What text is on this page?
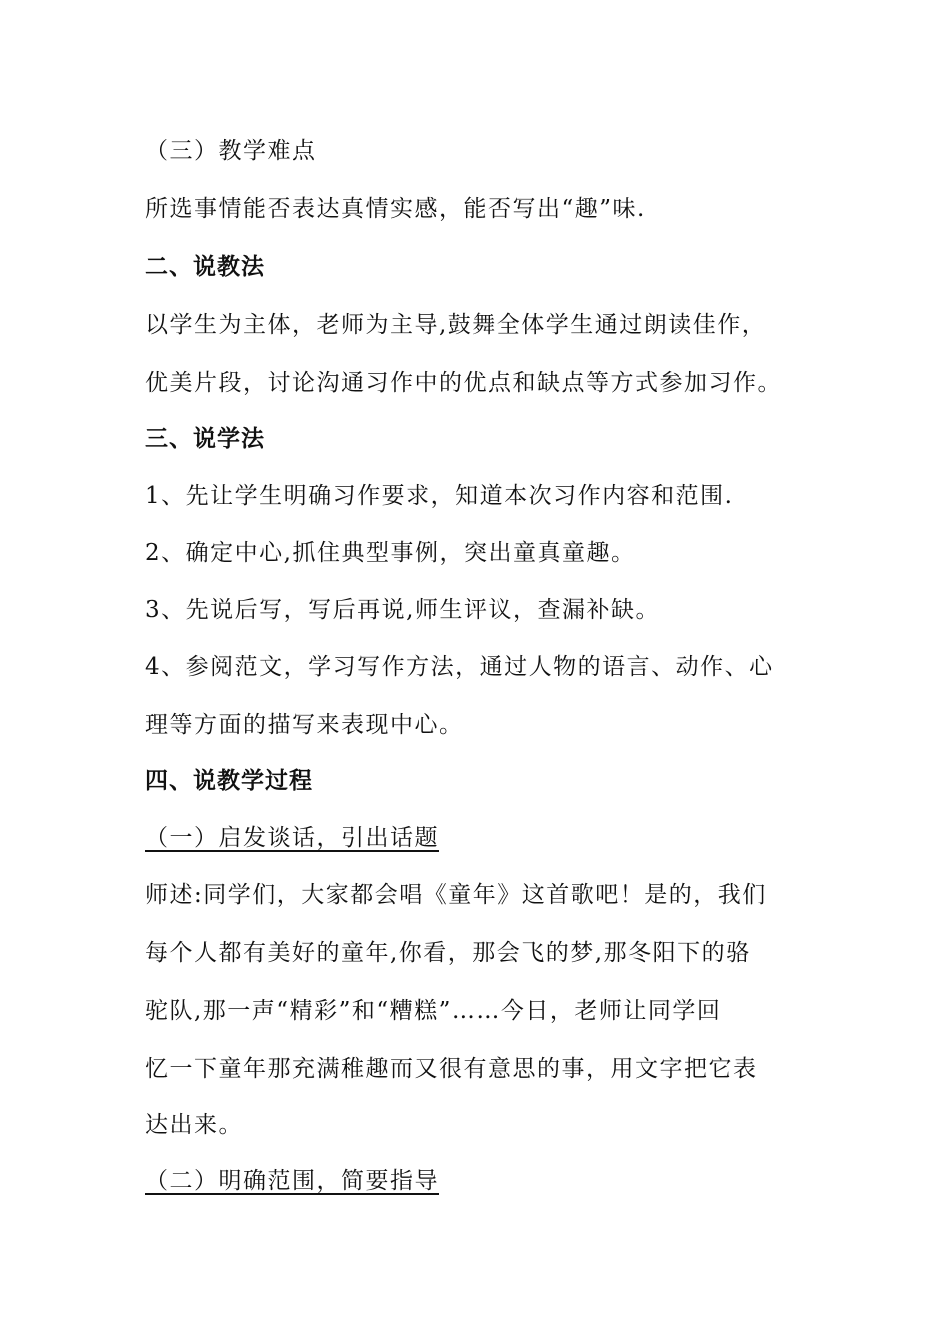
（三）教学难点
所选事情能否表达真情实感，能否写出“趣”味.
二、说教法
以学生为主体，老师为主导,鼓舞全体学生通过朗读佳作，
优美片段，讨论沟通习作中的优点和缺点等方式参加习作。
三、说学法
1、先让学生明确习作要求，知道本次习作内容和范围.
2、确定中心,抓住典型事例，突出童真童趣。
3、先说后写，写后再说,师生评议，查漏补缺。
4、参阅范文，学习写作方法，通过人物的语言、动作、心
理等方面的描写来表现中心。
四、说教学过程
（一）启发谈话，引出话题
师述:同学们，大家都会唱《童年》这首歌吧！是的，我们
每个人都有美好的童年,你看，那会飞的梦,那冬阳下的骆
驼队,那一声“精彩”和“糟糕”……今日，老师让同学回
忆一下童年那充满稚趣而又很有意思的事，用文字把它表
达出来。
（二）明确范围，简要指导
